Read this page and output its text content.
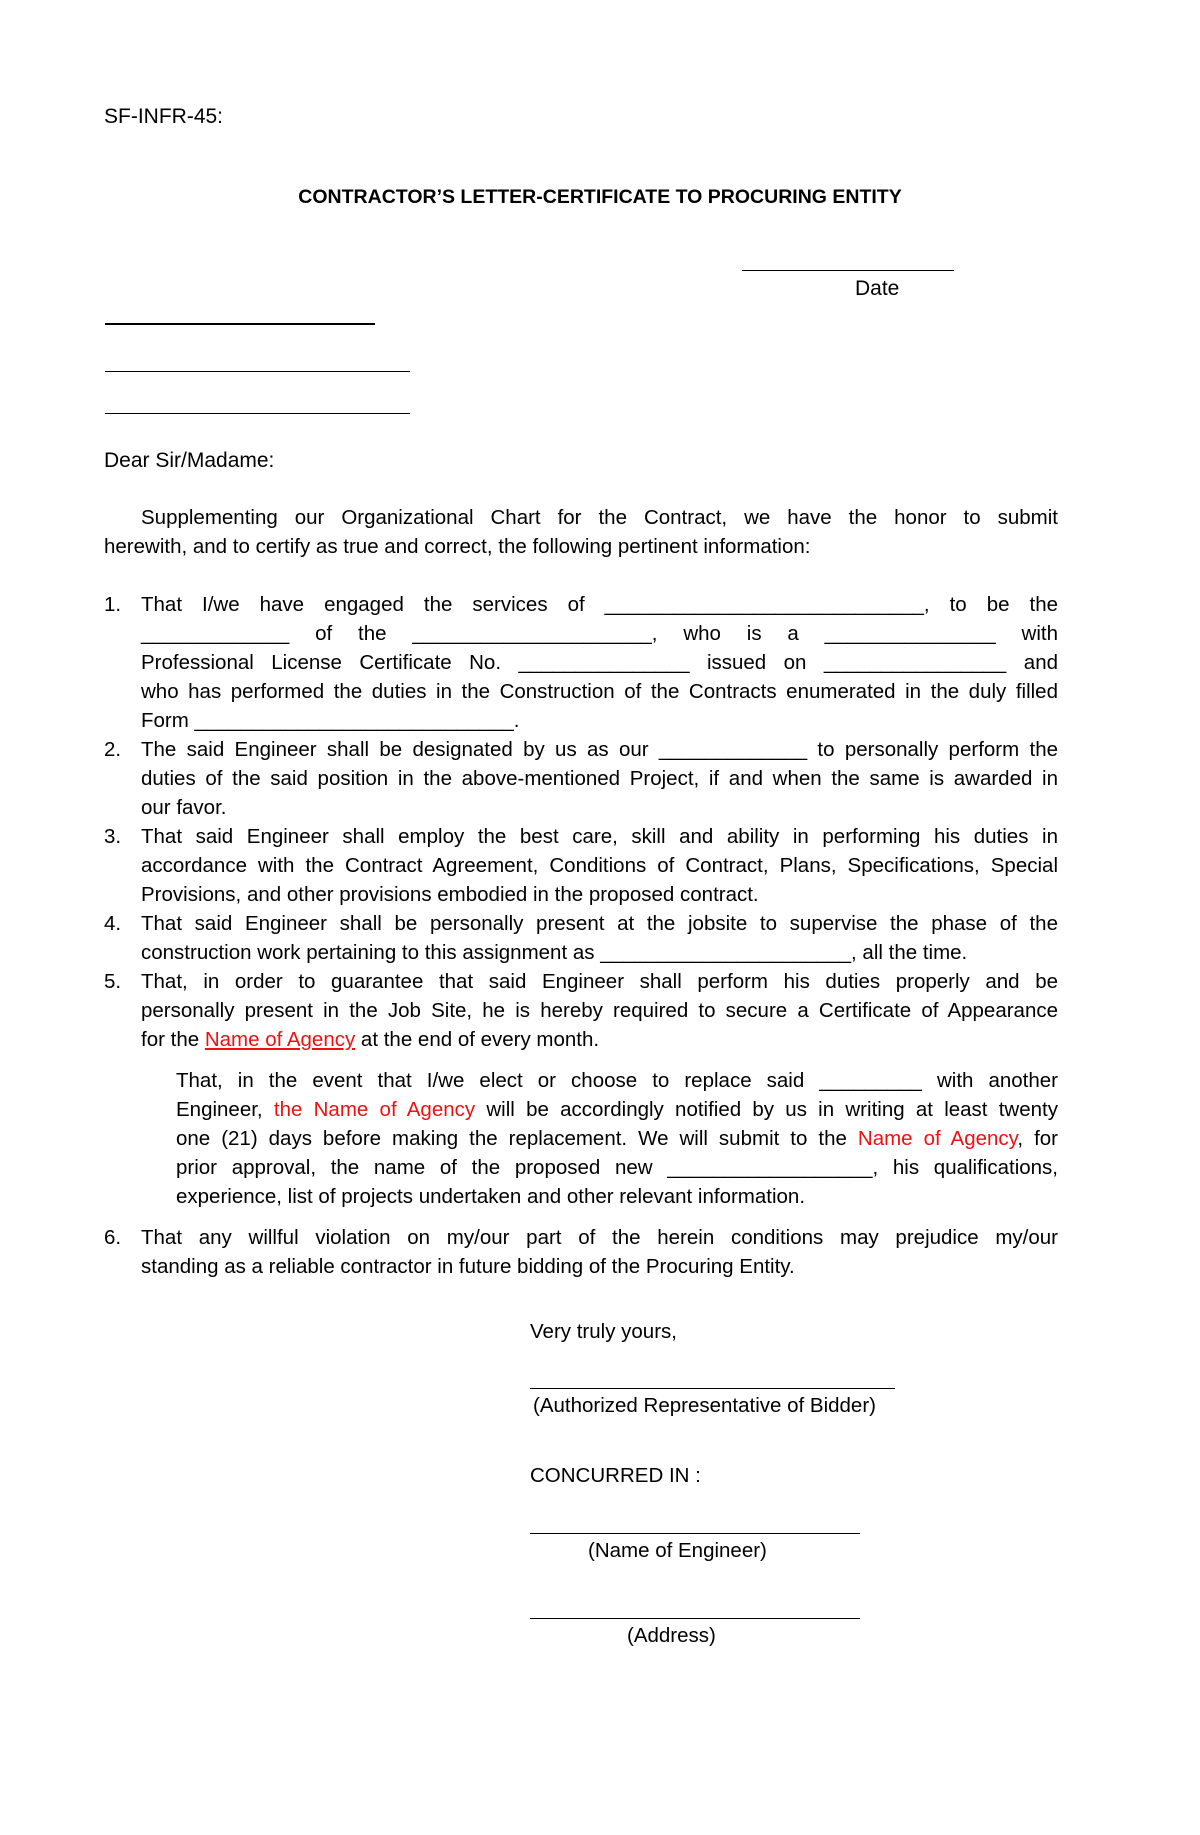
SF-INFR-45:
CONTRACTOR’S LETTER-CERTIFICATE TO PROCURING ENTITY
Date
Dear Sir/Madame:
Supplementing our Organizational Chart for the Contract, we have the honor to submit
herewith, and to certify as true and correct, the following pertinent information:
1. That I/we have engaged the services of ____________________________, to be the
_____________ of the _____________________, who is a _______________ with
Professional License Certificate No. _______________ issued on ________________ and
who has performed the duties in the Construction of the Contracts enumerated in the duly filled
Form ____________________________.
2. The said Engineer shall be designated by us as our _____________ to personally perform the
duties of the said position in the above-mentioned Project, if and when the same is awarded in
our favor.
3. That said Engineer shall employ the best care, skill and ability in performing his duties in
accordance with the Contract Agreement, Conditions of Contract, Plans, Specifications, Special
Provisions, and other provisions embodied in the proposed contract.
4. That said Engineer shall be personally present at the jobsite to supervise the phase of the
construction work pertaining to this assignment as ______________________, all the time.
5. That, in order to guarantee that said Engineer shall perform his duties properly and be
personally present in the Job Site, he is hereby required to secure a Certificate of Appearance
for the Name of Agency at the end of every month.
That, in the event that I/we elect or choose to replace said _________ with another
Engineer, the Name of Agency will be accordingly notified by us in writing at least twenty
one (21) days before making the replacement. We will submit to the Name of Agency, for
prior approval, the name of the proposed new __________________, his qualifications,
experience, list of projects undertaken and other relevant information.
6. That any willful violation on my/our part of the herein conditions may prejudice my/our
standing as a reliable contractor in future bidding of the Procuring Entity.
Very truly yours,
(Authorized Representative of Bidder)
CONCURRED IN :
(Name of Engineer)
(Address)
